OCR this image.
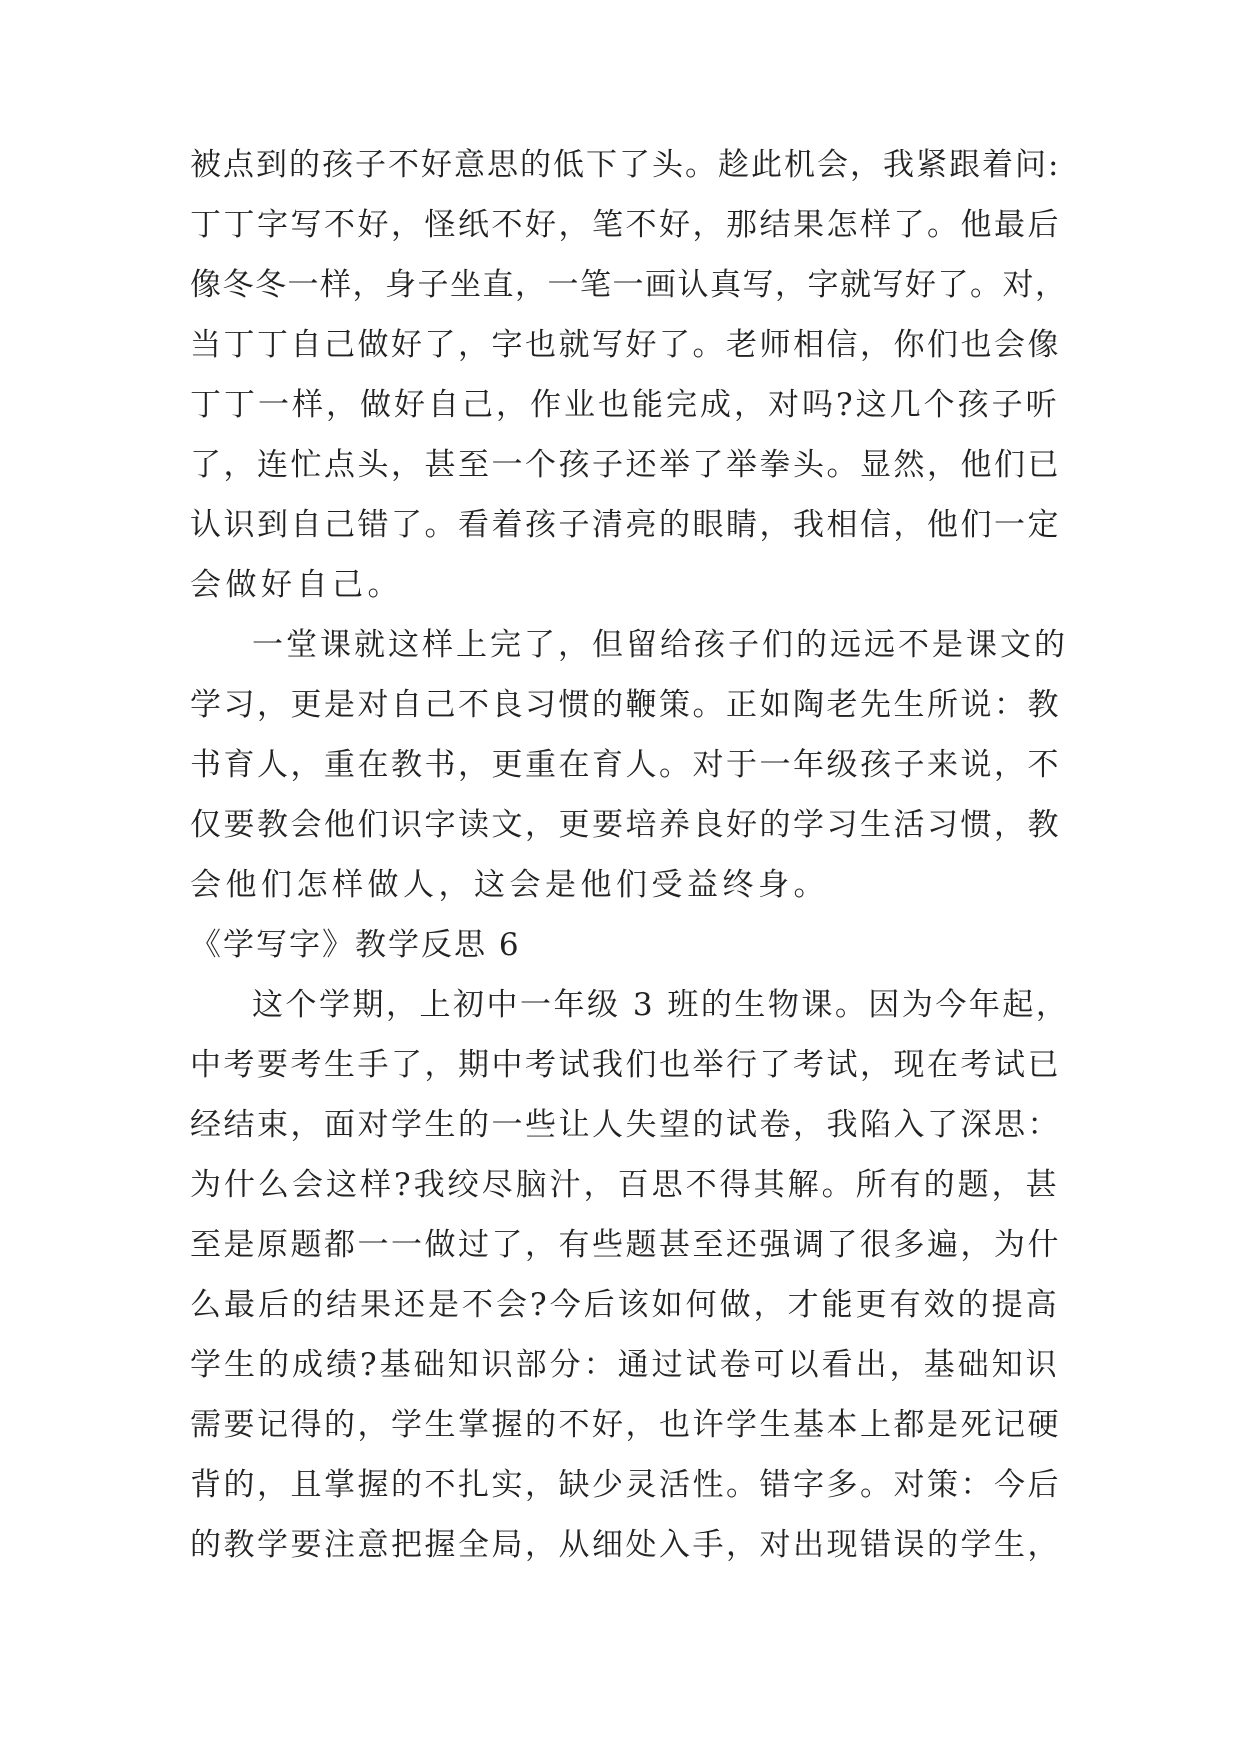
被点到的孩子不好意思的低下了头。趁此机会，我紧跟着问:
丁丁字写不好，怪纸不好，笔不好，那结果怎样了。他最后
像冬冬一样，身子坐直，一笔一画认真写，字就写好了。对，
当丁丁自己做好了，字也就写好了。老师相信，你们也会像
丁丁一样，做好自己，作业也能完成，对吗?这几个孩子听
了，连忙点头，甚至一个孩子还举了举拳头。显然，他们已
认识到自己错了。看着孩子清亮的眼睛，我相信，他们一定
会做好自己。
一堂课就这样上完了，但留给孩子们的远远不是课文的
学习，更是对自己不良习惯的鞭策。正如陶老先生所说：教
书育人，重在教书，更重在育人。对于一年级孩子来说，不
仅要教会他们识字读文，更要培养良好的学习生活习惯，教
会他们怎样做人，这会是他们受益终身。
《学写字》教学反思 6
这个学期，上初中一年级 3 班的生物课。因为今年起，
中考要考生手了，期中考试我们也举行了考试，现在考试已
经结束，面对学生的一些让人失望的试卷，我陷入了深思：
为什么会这样?我绞尽脑汁，百思不得其解。所有的题，甚
至是原题都一一做过了，有些题甚至还强调了很多遍，为什
么最后的结果还是不会?今后该如何做，才能更有效的提高
学生的成绩?基础知识部分：通过试卷可以看出，基础知识
需要记得的，学生掌握的不好，也许学生基本上都是死记硬
背的，且掌握的不扎实，缺少灵活性。错字多。对策：今后
的教学要注意把握全局，从细处入手，对出现错误的学生，
